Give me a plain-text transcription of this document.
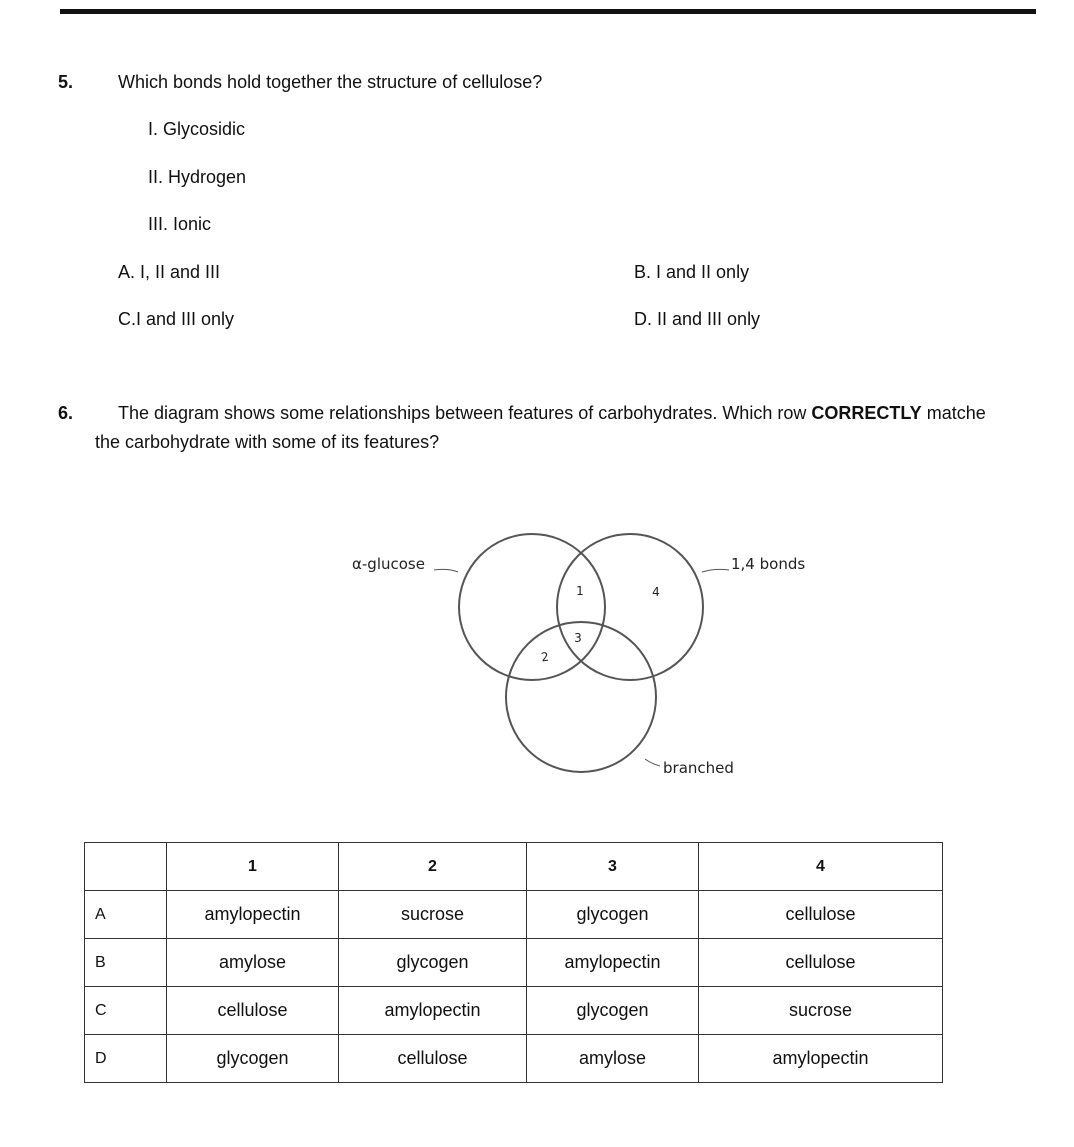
5. Which bonds hold together the structure of cellulose?
I. Glycosidic
II. Hydrogen
III. Ionic
A. I, II and III	B. I and II only
C.I and III only	D. II and III only
6. The diagram shows some relationships between features of carbohydrates. Which row CORRECTLY matche
the carbohydrate with some of its features?
α-glucose	1,4 bonds
branched
1
2
3
4
	1	2	3	4
A	amylopectin	sucrose	glycogen	cellulose
B	amylose	glycogen	amylopectin	cellulose
C	cellulose	amylopectin	glycogen	sucrose
D	glycogen	cellulose	amylose	amylopectin
